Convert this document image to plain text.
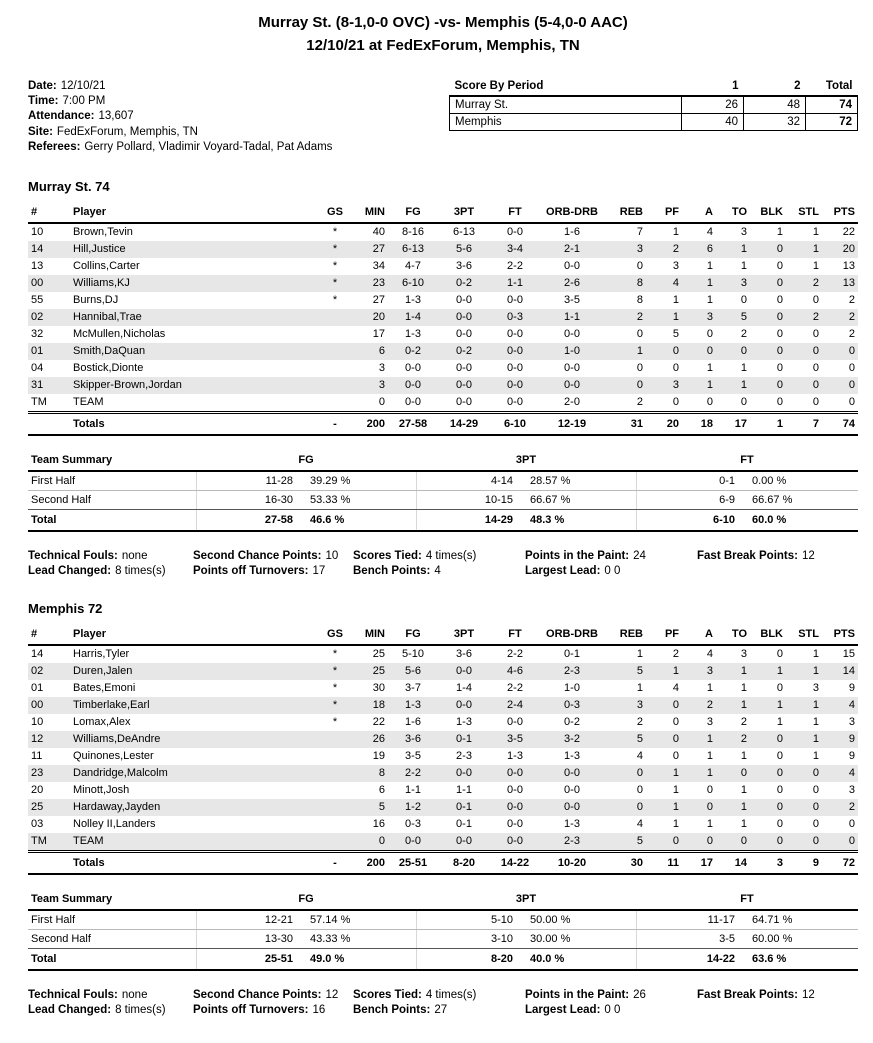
Murray St. (8-1,0-0 OVC) -vs- Memphis (5-4,0-0 AAC)
12/10/21 at FedExForum, Memphis, TN
Date: 12/10/21
Time: 7:00 PM
Attendance: 13,607
Site: FedExForum, Memphis, TN
Referees: Gerry Pollard, Vladimir Voyard-Tadal, Pat Adams
Score By Period	1	2	Total
Murray St.	26	48	74
Memphis	40	32	72
Murray St. 74
#	Player	GS	MIN	FG	3PT	FT	ORB-DRB	REB	PF	A	TO	BLK	STL	PTS
10	Brown,Tevin	*	40	8-16	6-13	0-0	1-6	7	1	4	3	1	1	22
14	Hill,Justice	*	27	6-13	5-6	3-4	2-1	3	2	6	1	0	1	20
13	Collins,Carter	*	34	4-7	3-6	2-2	0-0	0	3	1	1	0	1	13
00	Williams,KJ	*	23	6-10	0-2	1-1	2-6	8	4	1	3	0	2	13
55	Burns,DJ	*	27	1-3	0-0	0-0	3-5	8	1	1	0	0	0	2
02	Hannibal,Trae		20	1-4	0-0	0-3	1-1	2	1	3	5	0	2	2
32	McMullen,Nicholas		17	1-3	0-0	0-0	0-0	0	5	0	2	0	0	2
01	Smith,DaQuan		6	0-2	0-2	0-0	1-0	1	0	0	0	0	0	0
04	Bostick,Dionte		3	0-0	0-0	0-0	0-0	0	0	1	1	0	0	0
31	Skipper-Brown,Jordan		3	0-0	0-0	0-0	0-0	0	3	1	1	0	0	0
TM	TEAM		0	0-0	0-0	0-0	2-0	2	0	0	0	0	0	0
	Totals	-	200	27-58	14-29	6-10	12-19	31	20	18	17	1	7	74
Team Summary	FG		3PT		FT	
First Half	11-28	39.29 %	4-14	28.57 %	0-1	0.00 %
Second Half	16-30	53.33 %	10-15	66.67 %	6-9	66.67 %
Total	27-58	46.6 %	14-29	48.3 %	6-10	60.0 %
Technical Fouls: none	Second Chance Points: 10	Scores Tied: 4 times(s)	Points in the Paint: 24	Fast Break Points: 12
Lead Changed: 8 times(s)	Points off Turnovers: 17	Bench Points: 4	Largest Lead: 0 0
Memphis 72
#	Player	GS	MIN	FG	3PT	FT	ORB-DRB	REB	PF	A	TO	BLK	STL	PTS
14	Harris,Tyler	*	25	5-10	3-6	2-2	0-1	1	2	4	3	0	1	15
02	Duren,Jalen	*	25	5-6	0-0	4-6	2-3	5	1	3	1	1	1	14
01	Bates,Emoni	*	30	3-7	1-4	2-2	1-0	1	4	1	1	0	3	9
00	Timberlake,Earl	*	18	1-3	0-0	2-4	0-3	3	0	2	1	1	1	4
10	Lomax,Alex	*	22	1-6	1-3	0-0	0-2	2	0	3	2	1	1	3
12	Williams,DeAndre		26	3-6	0-1	3-5	3-2	5	0	1	2	0	1	9
11	Quinones,Lester		19	3-5	2-3	1-3	1-3	4	0	1	1	0	1	9
23	Dandridge,Malcolm		8	2-2	0-0	0-0	0-0	0	1	1	0	0	0	4
20	Minott,Josh		6	1-1	1-1	0-0	0-0	0	1	0	1	0	0	3
25	Hardaway,Jayden		5	1-2	0-1	0-0	0-0	0	1	0	1	0	0	2
03	Nolley II,Landers		16	0-3	0-1	0-0	1-3	4	1	1	1	0	0	0
TM	TEAM		0	0-0	0-0	0-0	2-3	5	0	0	0	0	0	0
	Totals	-	200	25-51	8-20	14-22	10-20	30	11	17	14	3	9	72
Team Summary	FG		3PT		FT	
First Half	12-21	57.14 %	5-10	50.00 %	11-17	64.71 %
Second Half	13-30	43.33 %	3-10	30.00 %	3-5	60.00 %
Total	25-51	49.0 %	8-20	40.0 %	14-22	63.6 %
Technical Fouls: none	Second Chance Points: 12	Scores Tied: 4 times(s)	Points in the Paint: 26	Fast Break Points: 12
Lead Changed: 8 times(s)	Points off Turnovers: 16	Bench Points: 27	Largest Lead: 0 0
